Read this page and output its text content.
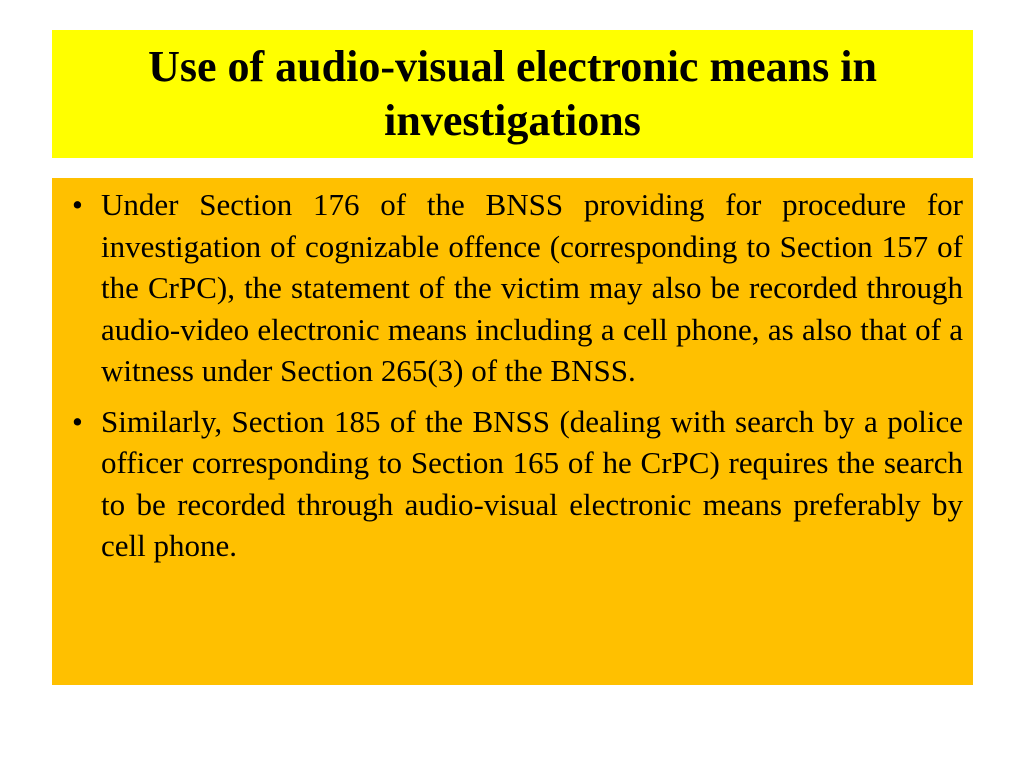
Use of audio-visual electronic means in investigations
• Under Section 176 of the BNSS providing for procedure for investigation of cognizable offence (corresponding to Section 157 of the CrPC), the statement of the victim may also be recorded through audio-video electronic means including a cell phone, as also that of a witness under Section 265(3) of the BNSS.
• Similarly, Section 185 of the BNSS (dealing with search by a police officer corresponding to Section 165 of he CrPC) requires the search to be recorded through audio-visual electronic means preferably by cell phone.
